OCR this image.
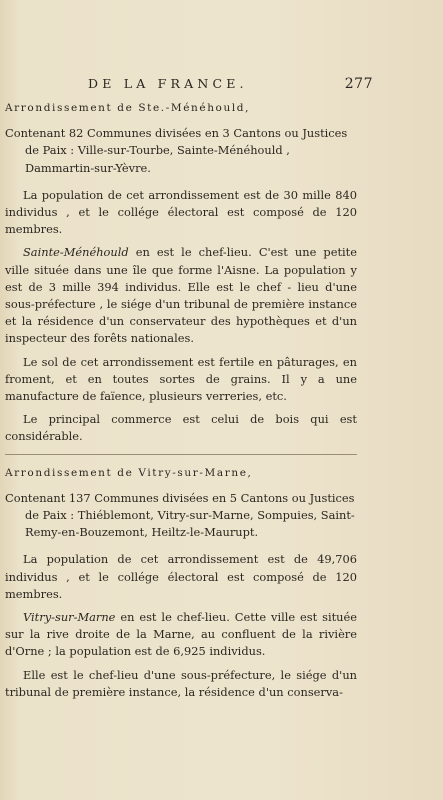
DE LA FRANCE.	277
Arrondissement de Ste.-Ménéhould,
Contenant 82 Communes divisées en 3 Cantons ou Justices de Paix : Ville-sur-Tourbe, Sainte-Ménéhould , Dammartin-sur-Yèvre.

La population de cet arrondissement est de 30 mille 840 individus , et le collége électoral est composé de 120 membres.

Sainte-Ménéhould en est le chef-lieu. C'est une petite ville située dans une île que forme l'Aisne. La population y est de 3 mille 394 individus. Elle est le chef - lieu d'une sous-préfecture , le siége d'un tribunal de première instance et la résidence d'un conservateur des hypothèques et d'un inspecteur des forêts nationales.

Le sol de cet arrondissement est fertile en pâturages, en froment, et en toutes sortes de grains. Il y a une manufacture de faïence, plusieurs verreries, etc.

Le principal commerce est celui de bois qui est considérable.

Arrondissement de Vitry-sur-Marne,
Contenant 137 Communes divisées en 5 Cantons ou Justices de Paix : Thiéblemont, Vitry-sur-Marne, Sompuies, Saint-Remy-en-Bouzemont, Heiltz-le-Maurupt.

La population de cet arrondissement est de 49,706 individus , et le collége électoral est composé de 120 membres.

Vitry-sur-Marne en est le chef-lieu. Cette ville est située sur la rive droite de la Marne, au confluent de la rivière d'Orne ; la population est de 6,925 individus.

Elle est le chef-lieu d'une sous-préfecture, le siége d'un tribunal de première instance, la résidence d'un conserva-
